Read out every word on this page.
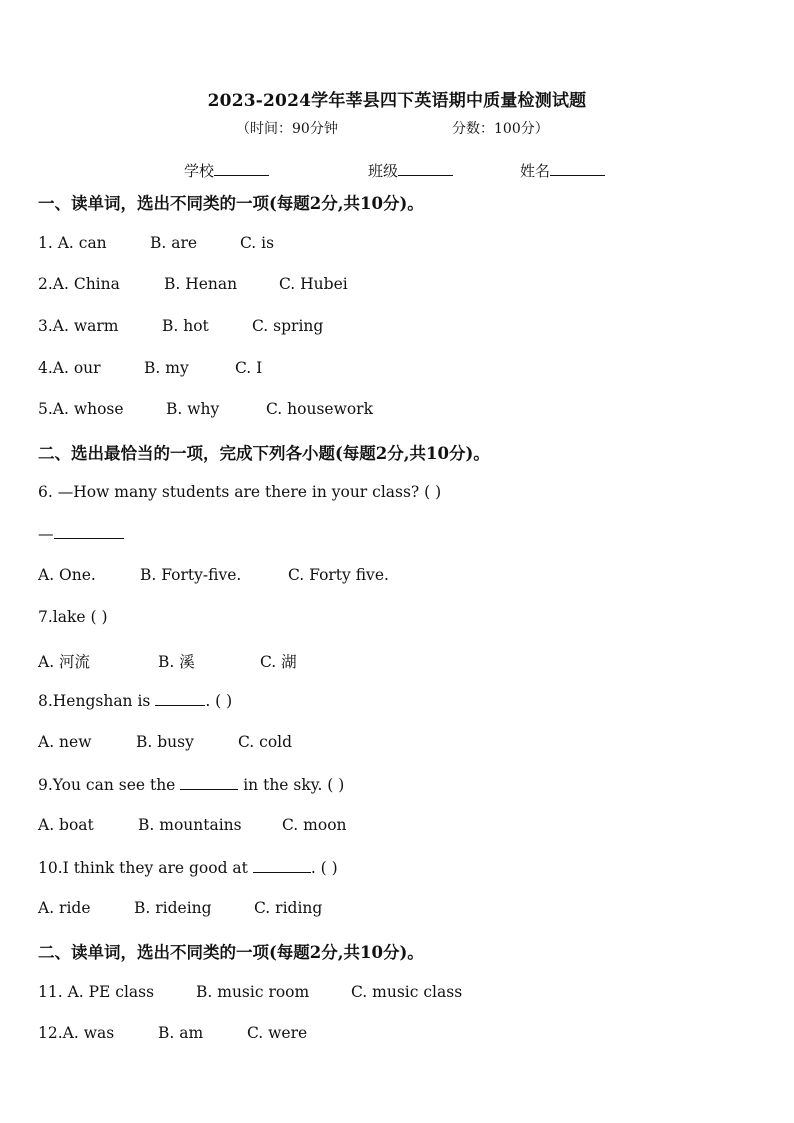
2023-2024学年莘县四下英语期中质量检测试题
（时间：90分钟	分数：100分）
学校	班级	姓名
一、读单词，选出不同类的一项(每题2分,共10分)。
1. A. can	B. are	C. is
2.A. China	B. Henan	C. Hubei
3.A. warm	B. hot	C. spring
4.A. our	B. my	C. I
5.A. whose	B. why	C. housework
二、选出最恰当的一项，完成下列各小题(每题2分,共10分)。
6. —How many students are there in your class? ( )
—
A. One.	B. Forty-five.	C. Forty five.
7.lake ( )
A. 河流	B. 溪	C. 湖
8.Hengshan is	. ( )
A. new	B. busy	C. cold
9.You can see the	in the sky. ( )
A. boat	B. mountains	C. moon
10.I think they are good at	. ( )
A. ride	B. rideing	C. riding
二、读单词，选出不同类的一项(每题2分,共10分)。
11. A. PE class	B. music room	C. music class
12.A. was	B. am	C. were
